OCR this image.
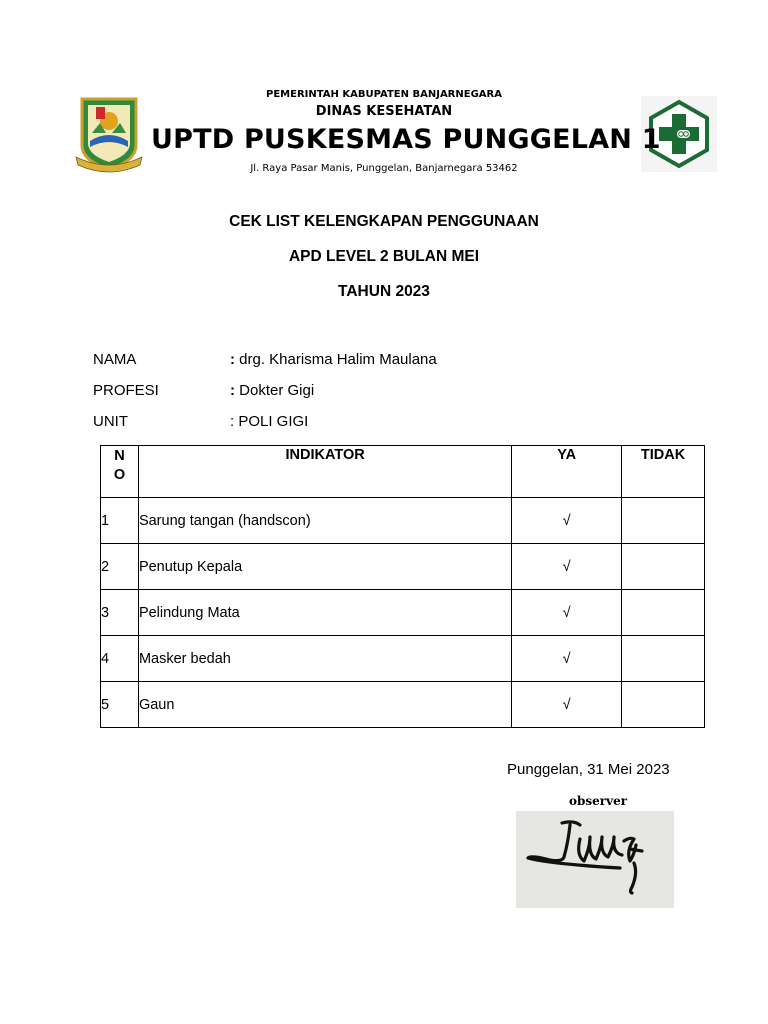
PEMERINTAH KABUPATEN BANJARNEGARA
DINAS KESEHATAN
UPTD PUSKESMAS PUNGGELAN 1
Jl. Raya Pasar Manis, Punggelan, Banjarnegara 53462
CEK LIST KELENGKAPAN PENGGUNAAN
APD LEVEL 2 BULAN MEI
TAHUN 2023
NAMA	: drg. Kharisma Halim Maulana
PROFESI	: Dokter Gigi
UNIT	: POLI GIGI
N
O	INDIKATOR	YA	TIDAK
1	Sarung tangan (handscon)	√	
2	Penutup Kepala	√	
3	Pelindung Mata	√	
4	Masker bedah	√	
5	Gaun	√	
Punggelan, 31 Mei 2023
observer
